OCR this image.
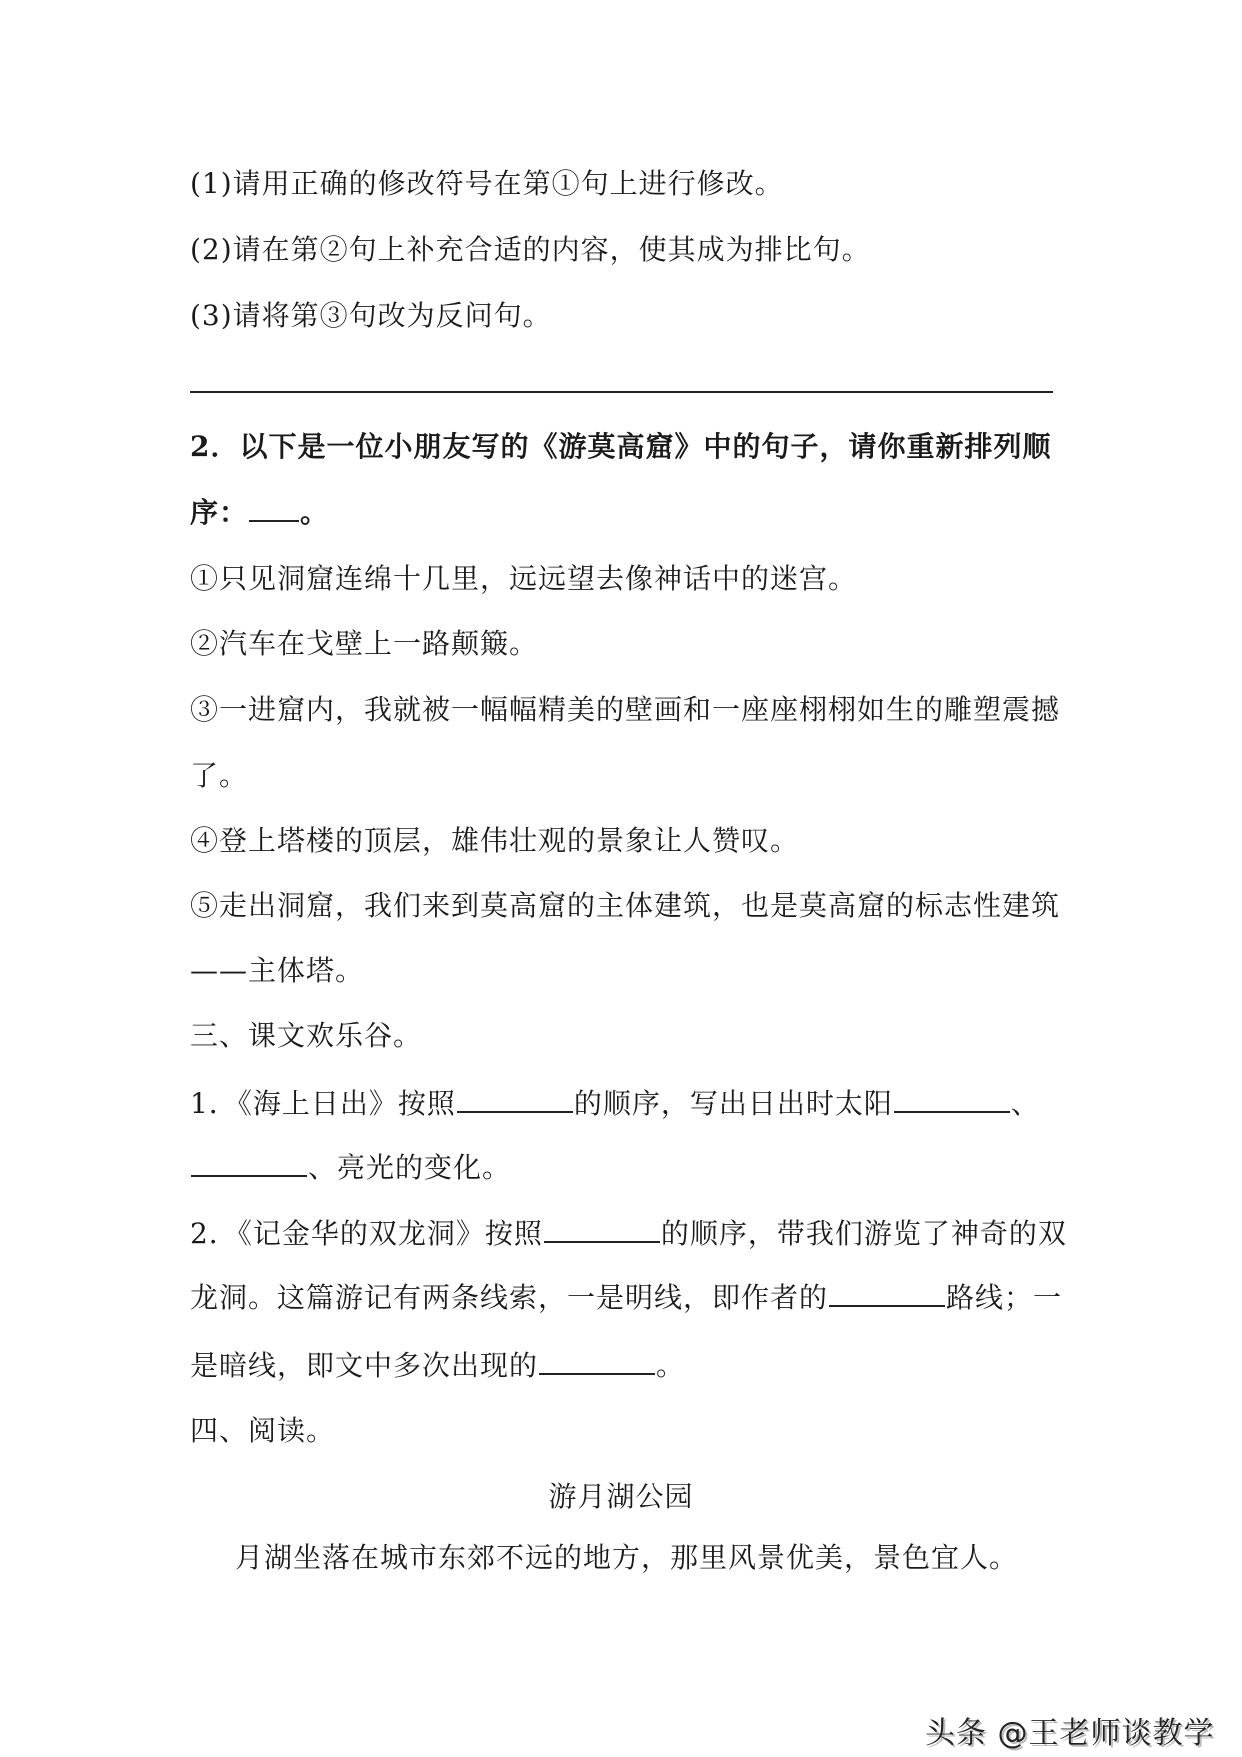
(1)请用正确的修改符号在第①句上进行修改。
(2)请在第②句上补充合适的内容，使其成为排比句。
(3)请将第③句改为反问句。
2．以下是一位小朋友写的《游莫高窟》中的句子，请你重新排列顺
序： 。
①只见洞窟连绵十几里，远远望去像神话中的迷宫。
②汽车在戈壁上一路颠簸。
③一进窟内，我就被一幅幅精美的壁画和一座座栩栩如生的雕塑震撼
了。
④登上塔楼的顶层，雄伟壮观的景象让人赞叹。
⑤走出洞窟，我们来到莫高窟的主体建筑，也是莫高窟的标志性建筑
——主体塔。
三、课文欢乐谷。
1．《海上日出》按照	的顺序，写出日出时太阳	、
、亮光的变化。
2．《记金华的双龙洞》按照	的顺序，带我们游览了神奇的双
龙洞。这篇游记有两条线索，一是明线，即作者的	路线；一
是暗线，即文中多次出现的	。
四、阅读。
游月湖公园
月湖坐落在城市东郊不远的地方，那里风景优美，景色宜人。
头条 @王老师谈教学
